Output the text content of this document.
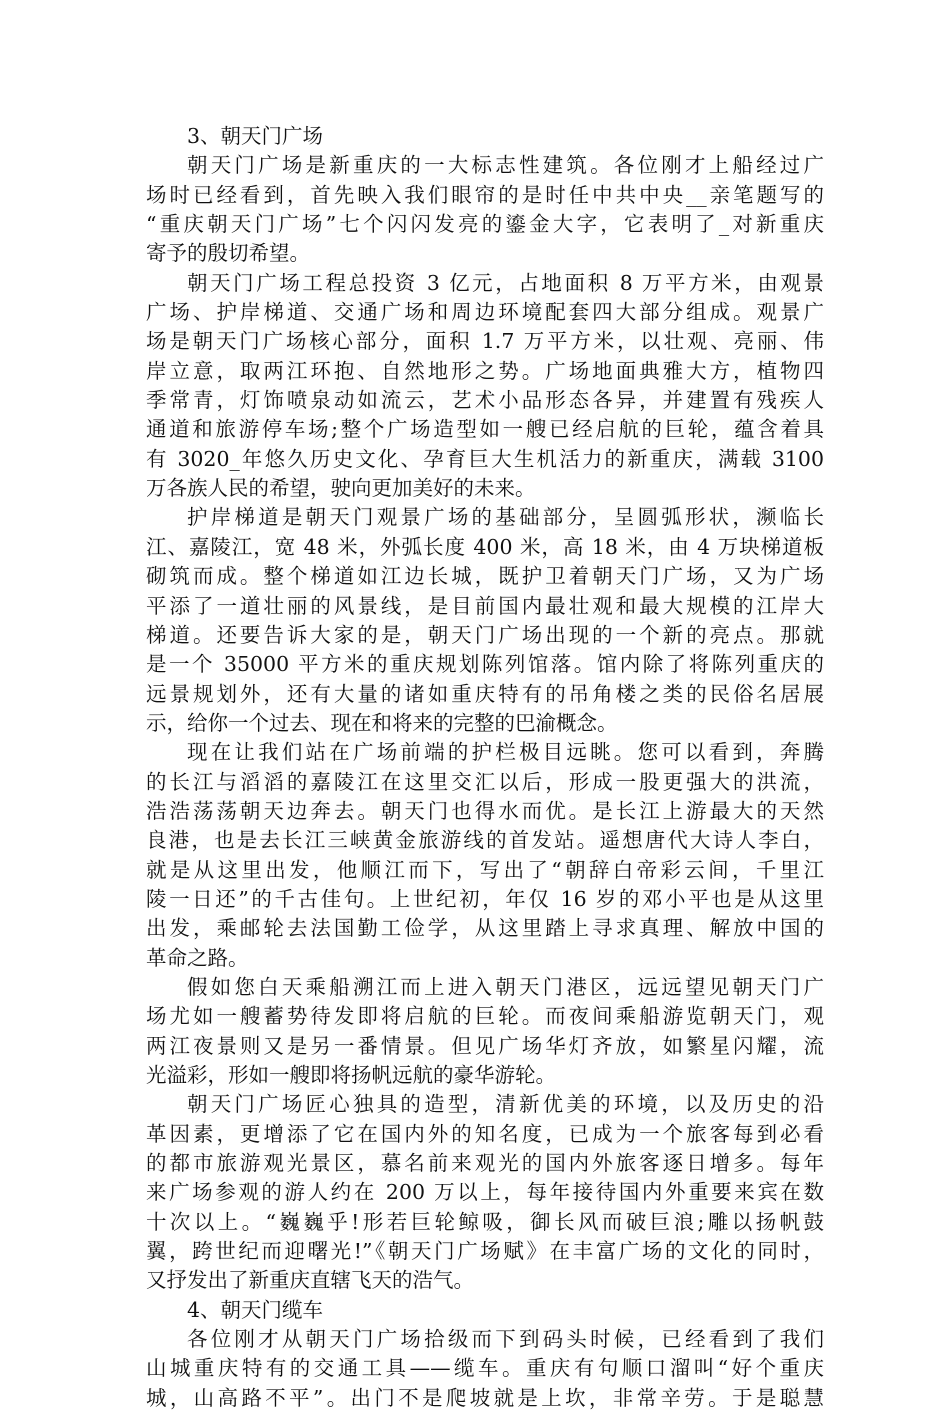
3、朝天门广场
朝天门广场是新重庆的一大标志性建筑。各位刚才上船经过广
场时已经看到，首先映入我们眼帘的是时任中共中央__亲笔题写的
“重庆朝天门广场”七个闪闪发亮的鎏金大字，它表明了_对新重庆
寄予的殷切希望。
朝天门广场工程总投资 3 亿元，占地面积 8 万平方米，由观景
广场、护岸梯道、交通广场和周边环境配套四大部分组成。观景广
场是朝天门广场核心部分，面积 1.7 万平方米，以壮观、亮丽、伟
岸立意，取两江环抱、自然地形之势。广场地面典雅大方，植物四
季常青，灯饰喷泉动如流云，艺术小品形态各异，并建置有残疾人
通道和旅游停车场;整个广场造型如一艘已经启航的巨轮，蕴含着具
有 3020_年悠久历史文化、孕育巨大生机活力的新重庆，满载 3100
万各族人民的希望，驶向更加美好的未来。
护岸梯道是朝天门观景广场的基础部分，呈圆弧形状，濒临长
江、嘉陵江，宽 48 米，外弧长度 400 米，高 18 米，由 4 万块梯道板
砌筑而成。整个梯道如江边长城，既护卫着朝天门广场，又为广场
平添了一道壮丽的风景线，是目前国内最壮观和最大规模的江岸大
梯道。还要告诉大家的是，朝天门广场出现的一个新的亮点。那就
是一个 35000 平方米的重庆规划陈列馆落。馆内除了将陈列重庆的
远景规划外，还有大量的诸如重庆特有的吊角楼之类的民俗名居展
示，给你一个过去、现在和将来的完整的巴渝概念。
现在让我们站在广场前端的护栏极目远眺。您可以看到，奔腾
的长江与滔滔的嘉陵江在这里交汇以后，形成一股更强大的洪流，
浩浩荡荡朝天边奔去。朝天门也得水而优。是长江上游最大的天然
良港，也是去长江三峡黄金旅游线的首发站。遥想唐代大诗人李白，
就是从这里出发，他顺江而下，写出了“朝辞白帝彩云间，千里江
陵一日还”的千古佳句。上世纪初，年仅 16 岁的邓小平也是从这里
出发，乘邮轮去法国勤工俭学，从这里踏上寻求真理、解放中国的
革命之路。
假如您白天乘船溯江而上进入朝天门港区，远远望见朝天门广
场尤如一艘蓄势待发即将启航的巨轮。而夜间乘船游览朝天门，观
两江夜景则又是另一番情景。但见广场华灯齐放，如繁星闪耀，流
光溢彩，形如一艘即将扬帆远航的豪华游轮。
朝天门广场匠心独具的造型，清新优美的环境，以及历史的沿
革因素，更增添了它在国内外的知名度，已成为一个旅客每到必看
的都市旅游观光景区，慕名前来观光的国内外旅客逐日增多。每年
来广场参观的游人约在 200 万以上，每年接待国内外重要来宾在数
十次以上。“巍巍乎!形若巨轮鲸吸，御长风而破巨浪;雕以扬帆鼓
翼，跨世纪而迎曙光!”《朝天门广场赋》在丰富广场的文化的同时，
又抒发出了新重庆直辖飞天的浩气。
4、朝天门缆车
各位刚才从朝天门广场拾级而下到码头时候，已经看到了我们
山城重庆特有的交通工具——缆车。重庆有句顺口溜叫“好个重庆
城，山高路不平”。出门不是爬坡就是上坎，非常辛劳。于是聪慧
